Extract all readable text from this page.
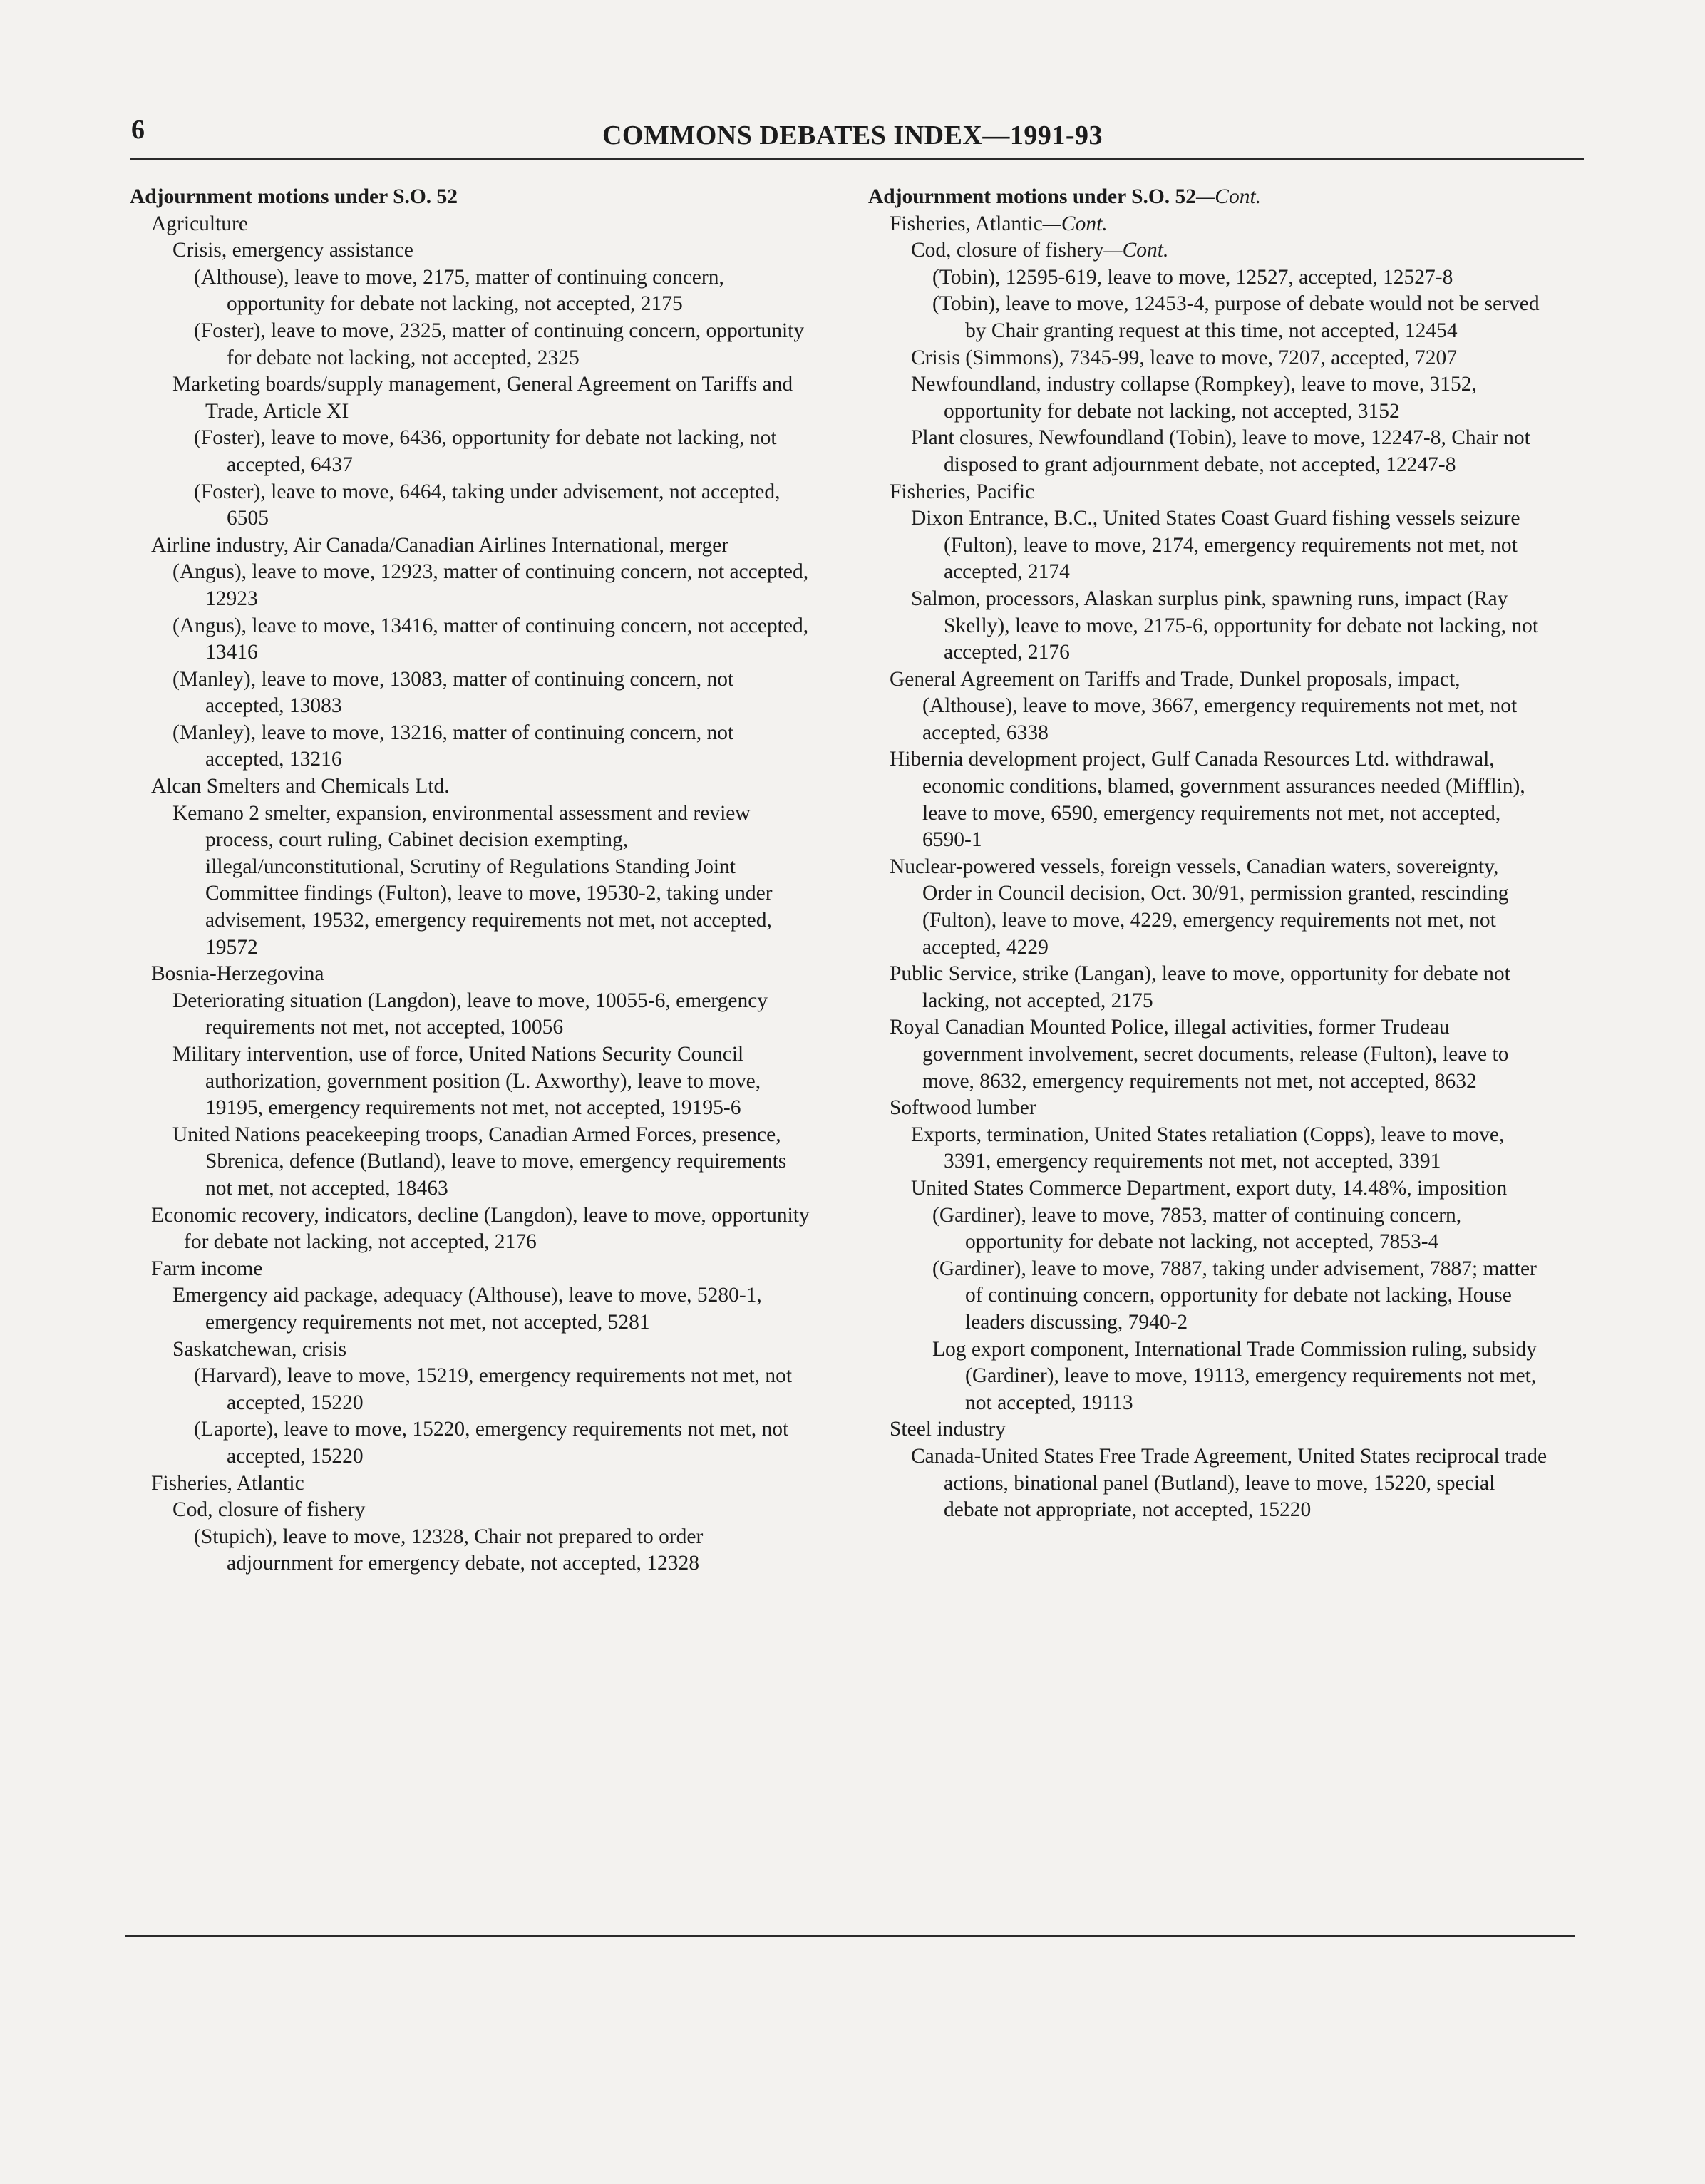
6	COMMONS DEBATES INDEX—1991-93

Adjournment motions under S.O. 52

Agriculture

Crisis, emergency assistance

(Althouse), leave to move, 2175, matter of continuing concern, opportunity for debate not lacking, not accepted, 2175

(Foster), leave to move, 2325, matter of continuing concern, opportunity for debate not lacking, not accepted, 2325

Marketing boards/supply management, General Agreement on Tariffs and Trade, Article XI

(Foster), leave to move, 6436, opportunity for debate not lacking, not accepted, 6437

(Foster), leave to move, 6464, taking under advisement, not accepted, 6505

Airline industry, Air Canada/Canadian Airlines International, merger

(Angus), leave to move, 12923, matter of continuing concern, not accepted, 12923

(Angus), leave to move, 13416, matter of continuing concern, not accepted, 13416

(Manley), leave to move, 13083, matter of continuing concern, not accepted, 13083

(Manley), leave to move, 13216, matter of continuing concern, not accepted, 13216

Alcan Smelters and Chemicals Ltd.

Kemano 2 smelter, expansion, environmental assessment and review process, court ruling, Cabinet decision exempting, illegal/unconstitutional, Scrutiny of Regulations Standing Joint Committee findings (Fulton), leave to move, 19530-2, taking under advisement, 19532, emergency requirements not met, not accepted, 19572

Bosnia-Herzegovina

Deteriorating situation (Langdon), leave to move, 10055-6, emergency requirements not met, not accepted, 10056

Military intervention, use of force, United Nations Security Council authorization, government position (L. Axworthy), leave to move, 19195, emergency requirements not met, not accepted, 19195-6

United Nations peacekeeping troops, Canadian Armed Forces, presence, Sbrenica, defence (Butland), leave to move, emergency requirements not met, not accepted, 18463

Economic recovery, indicators, decline (Langdon), leave to move, opportunity for debate not lacking, not accepted, 2176

Farm income

Emergency aid package, adequacy (Althouse), leave to move, 5280-1, emergency requirements not met, not accepted, 5281

Saskatchewan, crisis

(Harvard), leave to move, 15219, emergency requirements not met, not accepted, 15220

(Laporte), leave to move, 15220, emergency requirements not met, not accepted, 15220

Fisheries, Atlantic

Cod, closure of fishery

(Stupich), leave to move, 12328, Chair not prepared to order adjournment for emergency debate, not accepted, 12328

Adjournment motions under S.O. 52—Cont.

Fisheries, Atlantic—Cont.

Cod, closure of fishery—Cont.

(Tobin), 12595-619, leave to move, 12527, accepted, 12527-8

(Tobin), leave to move, 12453-4, purpose of debate would not be served by Chair granting request at this time, not accepted, 12454

Crisis (Simmons), 7345-99, leave to move, 7207, accepted, 7207

Newfoundland, industry collapse (Rompkey), leave to move, 3152, opportunity for debate not lacking, not accepted, 3152

Plant closures, Newfoundland (Tobin), leave to move, 12247-8, Chair not disposed to grant adjournment debate, not accepted, 12247-8

Fisheries, Pacific

Dixon Entrance, B.C., United States Coast Guard fishing vessels seizure (Fulton), leave to move, 2174, emergency requirements not met, not accepted, 2174

Salmon, processors, Alaskan surplus pink, spawning runs, impact (Ray Skelly), leave to move, 2175-6, opportunity for debate not lacking, not accepted, 2176

General Agreement on Tariffs and Trade, Dunkel proposals, impact, (Althouse), leave to move, 3667, emergency requirements not met, not accepted, 6338

Hibernia development project, Gulf Canada Resources Ltd. withdrawal, economic conditions, blamed, government assurances needed (Mifflin), leave to move, 6590, emergency requirements not met, not accepted, 6590-1

Nuclear-powered vessels, foreign vessels, Canadian waters, sovereignty, Order in Council decision, Oct. 30/91, permission granted, rescinding (Fulton), leave to move, 4229, emergency requirements not met, not accepted, 4229

Public Service, strike (Langan), leave to move, opportunity for debate not lacking, not accepted, 2175

Royal Canadian Mounted Police, illegal activities, former Trudeau government involvement, secret documents, release (Fulton), leave to move, 8632, emergency requirements not met, not accepted, 8632

Softwood lumber

Exports, termination, United States retaliation (Copps), leave to move, 3391, emergency requirements not met, not accepted, 3391

United States Commerce Department, export duty, 14.48%, imposition

(Gardiner), leave to move, 7853, matter of continuing concern, opportunity for debate not lacking, not accepted, 7853-4

(Gardiner), leave to move, 7887, taking under advisement, 7887; matter of continuing concern, opportunity for debate not lacking, House leaders discussing, 7940-2

Log export component, International Trade Commission ruling, subsidy (Gardiner), leave to move, 19113, emergency requirements not met, not accepted, 19113

Steel industry

Canada-United States Free Trade Agreement, United States reciprocal trade actions, binational panel (Butland), leave to move, 15220, special debate not appropriate, not accepted, 15220
